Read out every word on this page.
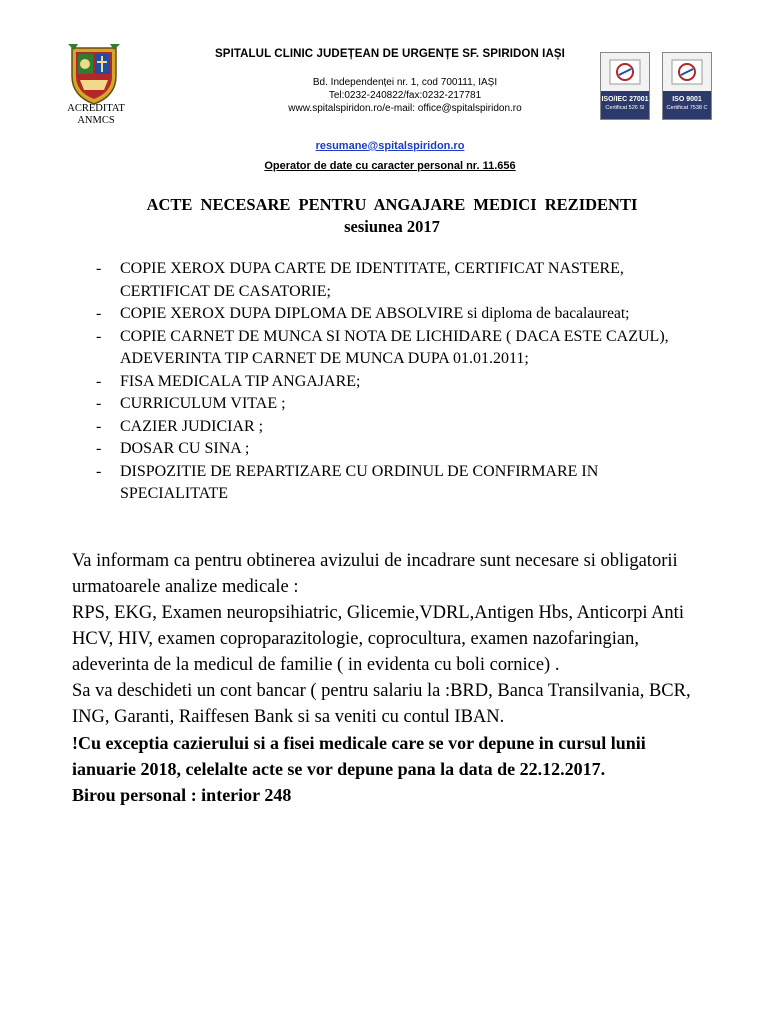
ACREDITAT
ANMCS
SPITALUL CLINIC JUDEȚEAN DE URGENȚE SF. SPIRIDON IAȘI
Bd. Independenței nr. 1, cod 700111, IAȘI
Tel:0232-240822/fax:0232-217781
www.spitalspiridon.ro/e-mail: office@spitalspiridon.ro
ISO/IEC 27001
Certificat 526 SI
ISO 9001
Certificat 7538 C
resumane@spitalspiridon.ro
Operator de date cu caracter personal nr. 11.656
ACTE NECESARE PENTRU ANGAJARE MEDICI REZIDENTI
sesiunea 2017
- COPIE XEROX DUPA CARTE DE IDENTITATE, CERTIFICAT NASTERE, CERTIFICAT DE CASATORIE;
- COPIE XEROX DUPA DIPLOMA DE ABSOLVIRE si diploma de bacalaureat;
- COPIE CARNET DE MUNCA SI NOTA DE LICHIDARE ( DACA ESTE CAZUL), ADEVERINTA TIP CARNET DE MUNCA DUPA 01.01.2011;
- FISA MEDICALA TIP ANGAJARE;
- CURRICULUM VITAE ;
- CAZIER JUDICIAR ;
- DOSAR CU SINA ;
- DISPOZITIE DE REPARTIZARE CU ORDINUL DE CONFIRMARE IN SPECIALITATE

Va informam ca pentru obtinerea avizului de incadrare sunt necesare si obligatorii urmatoarele analize medicale :

RPS, EKG, Examen neuropsihiatric, Glicemie,VDRL,Antigen Hbs, Anticorpi Anti HCV, HIV, examen coproparazitologie, coprocultura, examen nazofaringian, adeverinta de la medicul de familie ( in evidenta cu boli cornice) .

Sa va deschideti un cont bancar ( pentru salariu la :BRD, Banca Transilvania, BCR, ING, Garanti, Raiffesen Bank si sa veniti cu contul IBAN.

!Cu exceptia cazierului si a fisei medicale care se vor depune in cursul lunii ianuarie 2018, celelalte acte se vor depune pana la data de 22.12.2017.

Birou personal : interior 248
